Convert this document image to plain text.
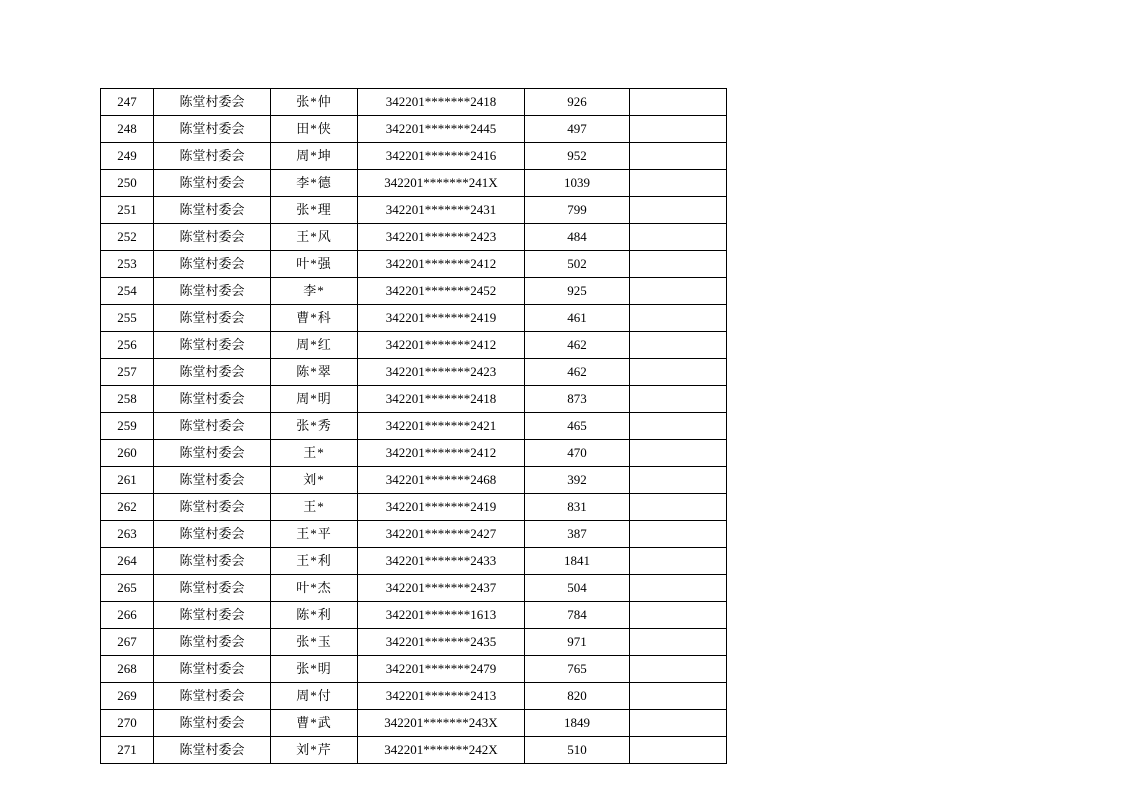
247	陈堂村委会	张*仲	342201*******2418	926	
248	陈堂村委会	田*侠	342201*******2445	497	
249	陈堂村委会	周*坤	342201*******2416	952	
250	陈堂村委会	李*德	342201*******241X	1039	
251	陈堂村委会	张*理	342201*******2431	799	
252	陈堂村委会	王*风	342201*******2423	484	
253	陈堂村委会	叶*强	342201*******2412	502	
254	陈堂村委会	李*	342201*******2452	925	
255	陈堂村委会	曹*科	342201*******2419	461	
256	陈堂村委会	周*红	342201*******2412	462	
257	陈堂村委会	陈*翠	342201*******2423	462	
258	陈堂村委会	周*明	342201*******2418	873	
259	陈堂村委会	张*秀	342201*******2421	465	
260	陈堂村委会	王*	342201*******2412	470	
261	陈堂村委会	刘*	342201*******2468	392	
262	陈堂村委会	王*	342201*******2419	831	
263	陈堂村委会	王*平	342201*******2427	387	
264	陈堂村委会	王*利	342201*******2433	1841	
265	陈堂村委会	叶*杰	342201*******2437	504	
266	陈堂村委会	陈*利	342201*******1613	784	
267	陈堂村委会	张*玉	342201*******2435	971	
268	陈堂村委会	张*明	342201*******2479	765	
269	陈堂村委会	周*付	342201*******2413	820	
270	陈堂村委会	曹*武	342201*******243X	1849	
271	陈堂村委会	刘*芹	342201*******242X	510	
